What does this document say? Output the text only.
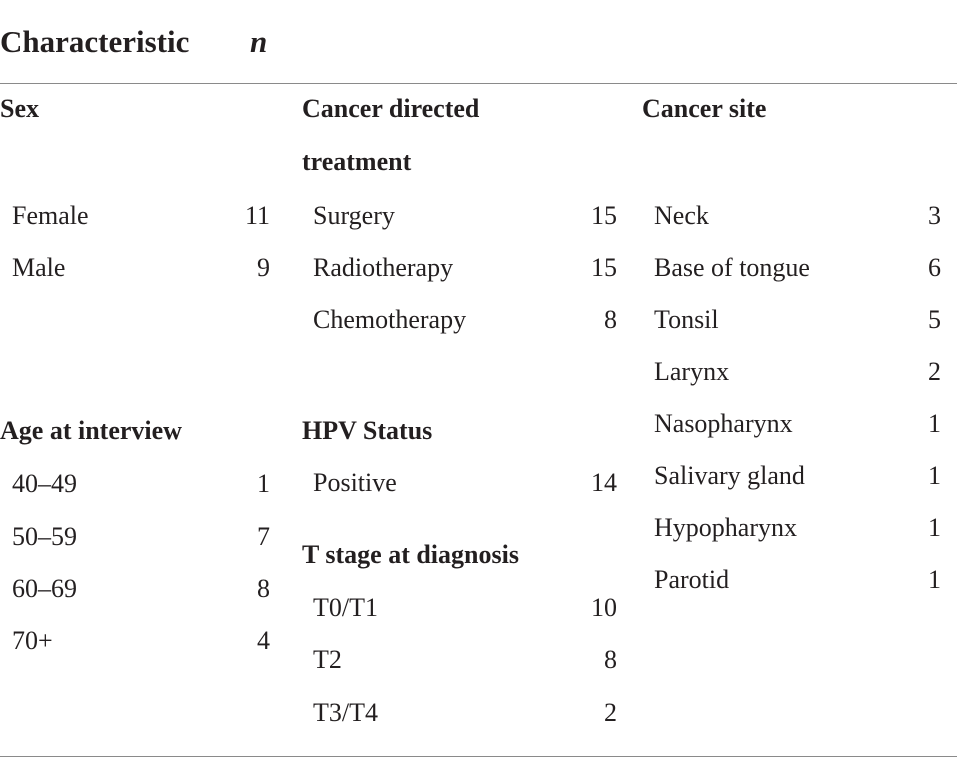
Characteristic n
Sex
Female	11
Male	9
Age at interview
40–49	1
50–59	7
60–69	8
70+	4
Cancer directed
treatment
Surgery	15
Radiotherapy	15
Chemotherapy	8
HPV Status
Positive	14
T stage at diagnosis
T0/T1	10
T2	8
T3/T4	2
Cancer site
Neck	3
Base of tongue	6
Tonsil	5
Larynx	2
Nasopharynx	1
Salivary gland	1
Hypopharynx	1
Parotid	1
